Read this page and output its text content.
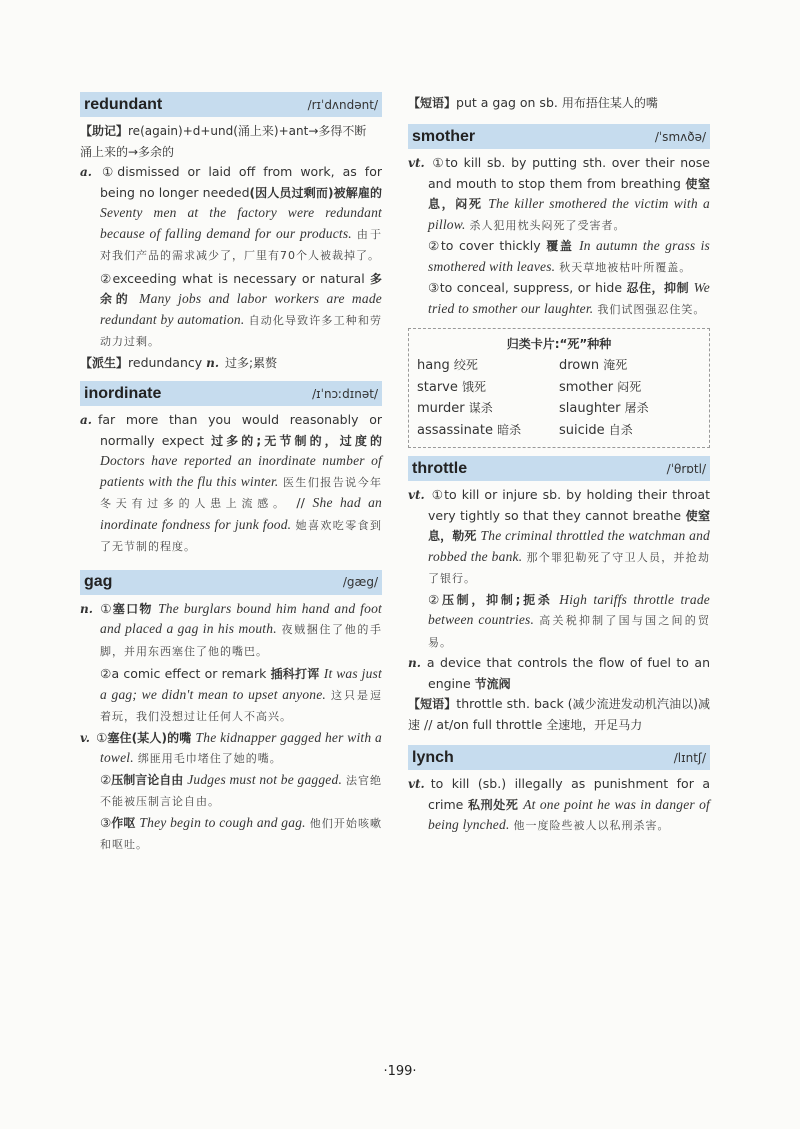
redundant	/rɪˈdʌndənt/
【助记】re(again)+d+und(涌上来)+ant→多得不断
涌上来的→多余的
a. ①dismissed or laid off from work, as for being no longer needed(因人员过剩而)被解雇的 Seventy men at the factory were redundant because of falling demand for our products. 由于对我们产品的需求减少了，厂里有70个人被裁掉了。
②exceeding what is necessary or natural 多余的 Many jobs and labor workers are made redundant by automation. 自动化导致许多工种和劳动力过剩。
【派生】redundancy n. 过多;累赘
inordinate	/ɪˈnɔːdɪnət/
a. far more than you would reasonably or normally expect 过多的;无节制的，过度的 Doctors have reported an inordinate number of patients with the flu this winter. 医生们报告说今年冬天有过多的人患上流感。 // She had an inordinate fondness for junk food. 她喜欢吃零食到了无节制的程度。
gag	/gæg/
n. ①塞口物 The burglars bound him hand and foot and placed a gag in his mouth. 夜贼捆住了他的手脚，并用东西塞住了他的嘴巴。
②a comic effect or remark 插科打诨 It was just a gag; we didn't mean to upset anyone. 这只是逗着玩，我们没想过让任何人不高兴。
v. ①塞住(某人)的嘴 The kidnapper gagged her with a towel. 绑匪用毛巾堵住了她的嘴。
②压制言论自由 Judges must not be gagged. 法官绝不能被压制言论自由。
③作呕 They begin to cough and gag. 他们开始咳嗽和呕吐。
【短语】put a gag on sb. 用布捂住某人的嘴
smother	/ˈsmʌðə/
vt. ①to kill sb. by putting sth. over their nose and mouth to stop them from breathing 使窒息，闷死 The killer smothered the victim with a pillow. 杀人犯用枕头闷死了受害者。
②to cover thickly 覆盖 In autumn the grass is smothered with leaves. 秋天草地被枯叶所覆盖。
③to conceal, suppress, or hide 忍住，抑制 We tried to smother our laughter. 我们试图强忍住笑。
归类卡片:“死”种种
hang 绞死	drown 淹死
starve 饿死	smother 闷死
murder 谋杀	slaughter 屠杀
assassinate 暗杀	suicide 自杀
throttle	/ˈθrɒtl/
vt. ①to kill or injure sb. by holding their throat very tightly so that they cannot breathe 使窒息，勒死 The criminal throttled the watchman and robbed the bank. 那个罪犯勒死了守卫人员，并抢劫了银行。
②压制，抑制;扼杀 High tariffs throttle trade between countries. 高关税抑制了国与国之间的贸易。
n. a device that controls the flow of fuel to an engine 节流阀
【短语】throttle sth. back (减少流进发动机汽油以)减速 // at/on full throttle 全速地，开足马力
lynch	/lɪntʃ/
vt. to kill (sb.) illegally as punishment for a crime 私刑处死 At one point he was in danger of being lynched. 他一度险些被人以私刑杀害。
·199·
